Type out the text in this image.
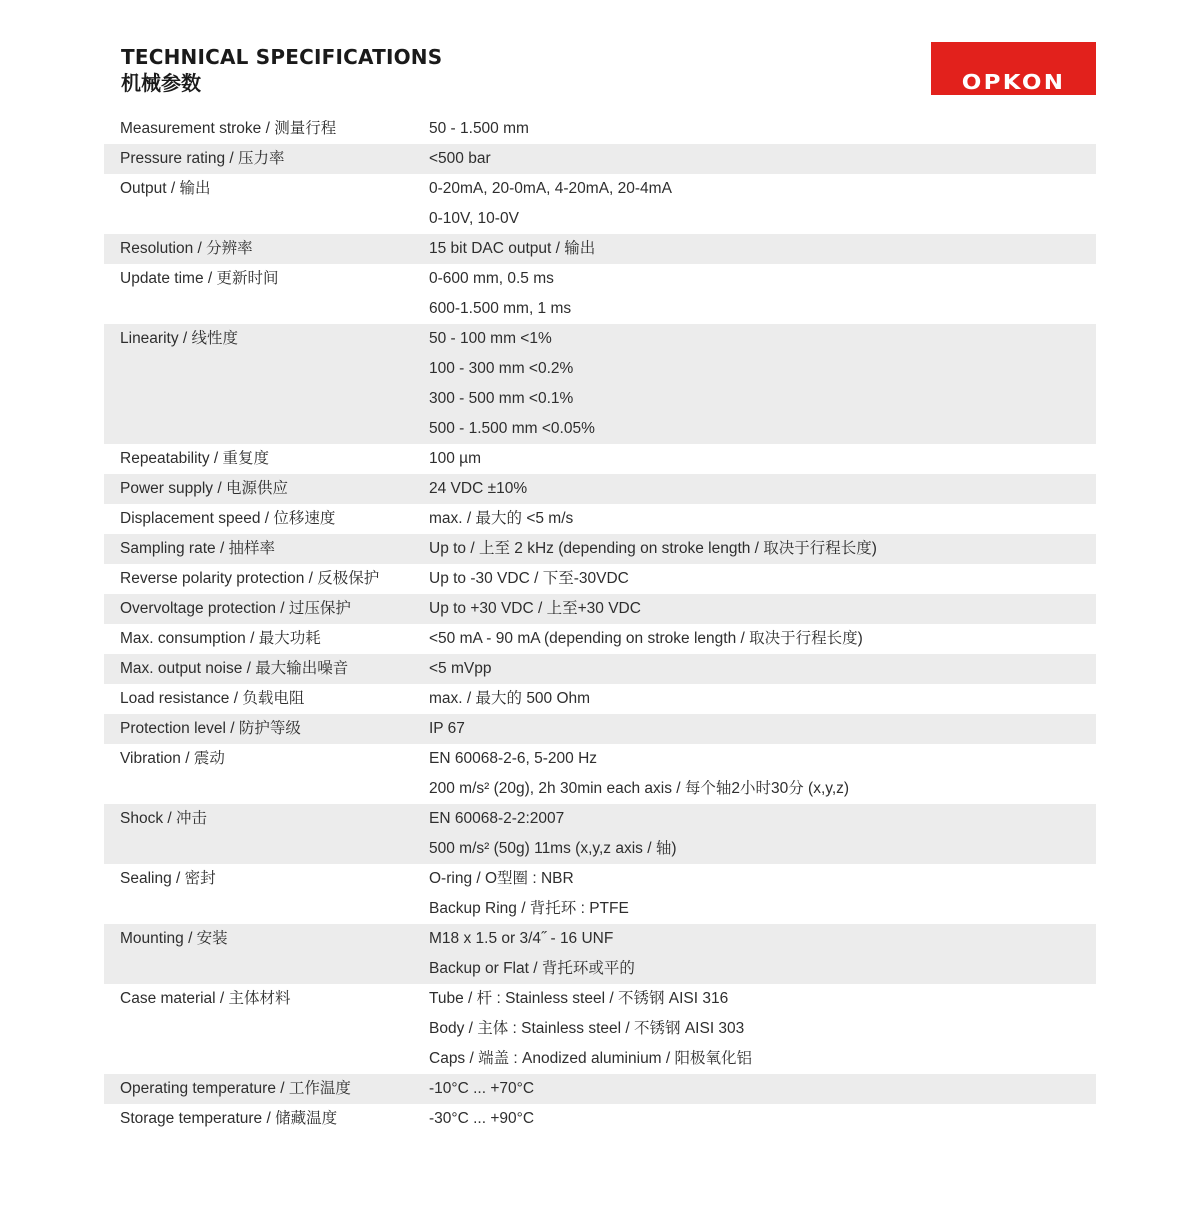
TECHNICAL SPECIFICATIONS
机械参数	OPKON
Measurement stroke / 测量行程	50 - 1.500 mm
Pressure rating / 压力率	<500 bar
Output / 输出	0-20mA, 20-0mA, 4-20mA, 20-4mA
0-10V, 10-0V
Resolution / 分辨率	15 bit DAC output / 输出
Update time / 更新时间	0-600 mm, 0.5 ms
600-1.500 mm, 1 ms
Linearity / 线性度	50 - 100 mm <1%
100 - 300 mm <0.2%
300 - 500 mm <0.1%
500 - 1.500 mm <0.05%
Repeatability / 重复度	100 µm
Power supply / 电源供应	24 VDC ±10%
Displacement speed / 位移速度	max. / 最大的 <5 m/s
Sampling rate / 抽样率	Up to / 上至 2 kHz (depending on stroke length / 取决于行程长度)
Reverse polarity protection / 反极保护	Up to -30 VDC / 下至-30VDC
Overvoltage protection / 过压保护	Up to +30 VDC / 上至+30 VDC
Max. consumption / 最大功耗	<50 mA - 90 mA (depending on stroke length / 取决于行程长度)
Max. output noise / 最大输出噪音	<5 mVpp
Load resistance / 负载电阻	max. / 最大的 500 Ohm
Protection level / 防护等级	IP 67
Vibration / 震动	EN 60068-2-6, 5-200 Hz
200 m/s² (20g), 2h 30min each axis / 每个轴2小时30分 (x,y,z)
Shock / 冲击	EN 60068-2-2:2007
500 m/s² (50g) 11ms (x,y,z axis / 轴)
Sealing / 密封	O-ring / O型圈 : NBR
Backup Ring / 背托环 : PTFE
Mounting / 安装	M18 x 1.5 or 3/4˝ - 16 UNF
Backup or Flat / 背托环或平的
Case material / 主体材料	Tube / 杆 : Stainless steel / 不锈钢 AISI 316
Body / 主体 : Stainless steel / 不锈钢 AISI 303
Caps / 端盖 : Anodized aluminium / 阳极氧化铝
Operating temperature / 工作温度	-10°C ... +70°C
Storage temperature / 储藏温度	-30°C ... +90°C
